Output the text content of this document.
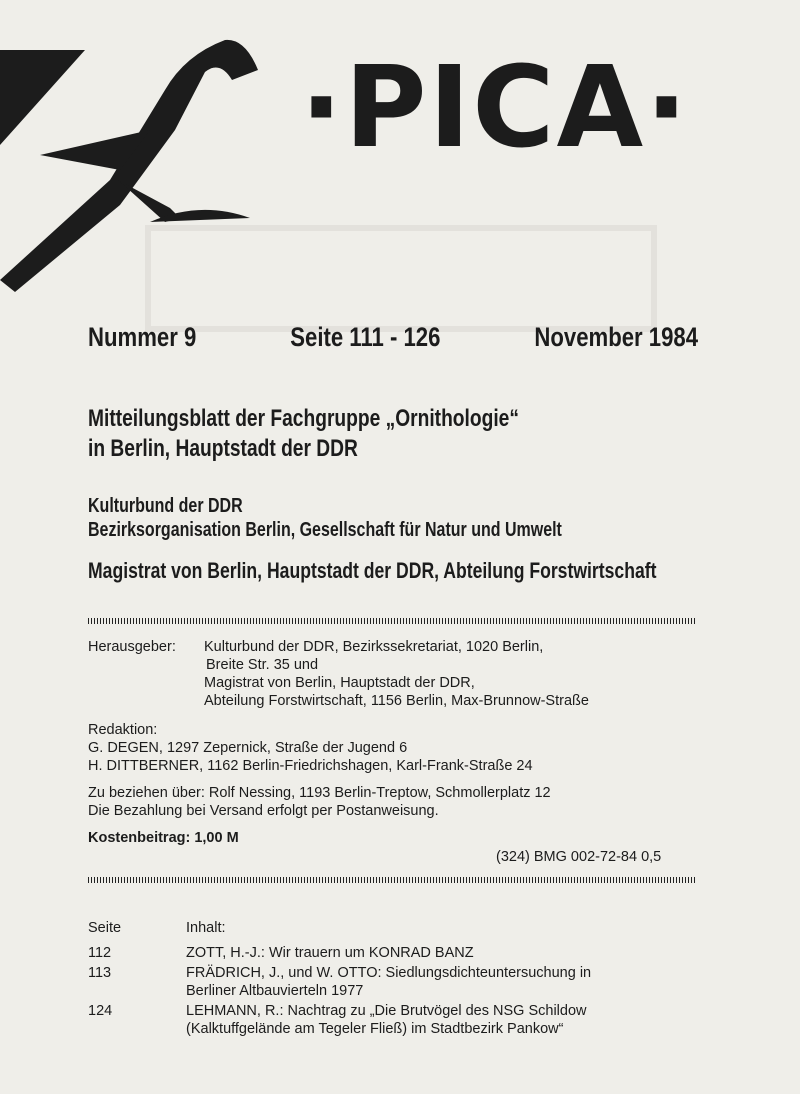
·PICA·
Nummer 9	Seite 111 - 126	November 1984
Mitteilungsblatt der Fachgruppe „Ornithologie“
in Berlin, Hauptstadt der DDR
Kulturbund der DDR
Bezirksorganisation Berlin, Gesellschaft für Natur und Umwelt
Magistrat von Berlin, Hauptstadt der DDR, Abteilung Forstwirtschaft
Herausgeber: Kulturbund der DDR, Bezirkssekretariat, 1020 Berlin,
Breite Str. 35 und
Magistrat von Berlin, Hauptstadt der DDR,
Abteilung Forstwirtschaft, 1156 Berlin, Max-Brunnow-Straße
Redaktion:
G. DEGEN, 1297 Zepernick, Straße der Jugend 6
H. DITTBERNER, 1162 Berlin-Friedrichshagen, Karl-Frank-Straße 24
Zu beziehen über: Rolf Nessing, 1193 Berlin-Treptow, Schmollerplatz 12
Die Bezahlung bei Versand erfolgt per Postanweisung.
Kostenbeitrag: 1,00 M
(324) BMG 002-72-84 0,5
Seite	Inhalt:
112	ZOTT, H.-J.: Wir trauern um KONRAD BANZ
113	FRÄDRICH, J., und W. OTTO: Siedlungsdichteuntersuchung in
Berliner Altbauvierteln 1977
124	LEHMANN, R.: Nachtrag zu „Die Brutvögel des NSG Schildow
(Kalktuffgelände am Tegeler Fließ) im Stadtbezirk Pankow“
